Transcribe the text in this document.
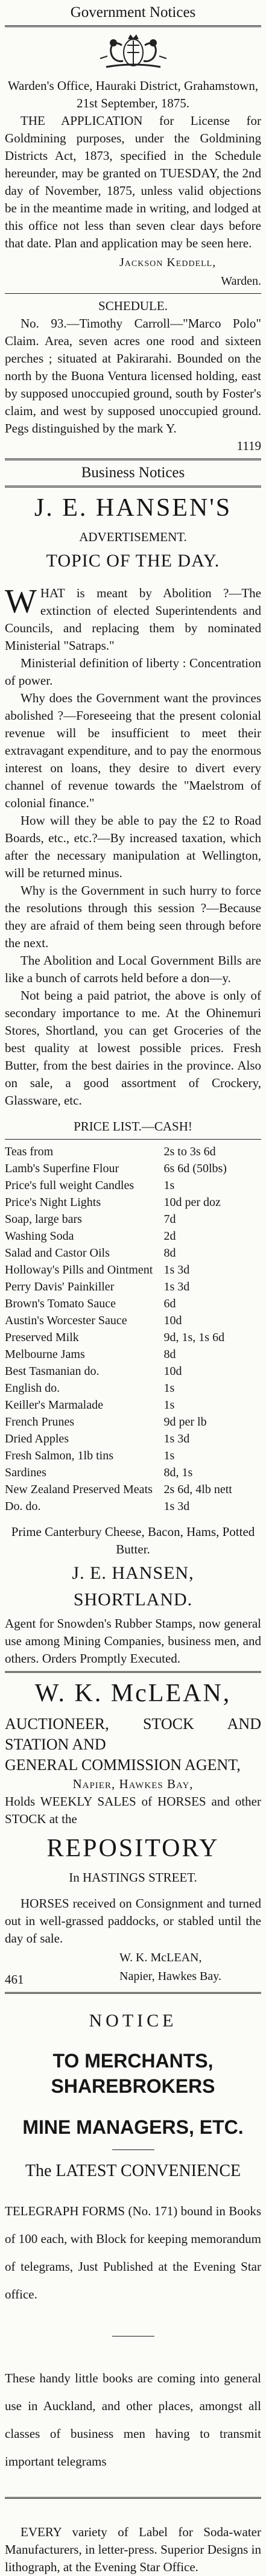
Government Notices

Warden's Office, Hauraki District, Grahamstown, 21st September, 1875.

THE APPLICATION for License for Goldmining purposes, under the Goldmining Districts Act, 1873, specified in the Schedule hereunder, may be granted on TUESDAY, the 2nd day of November, 1875, unless valid objections be in the meantime made in writing, and lodged at this office not less than seven clear days before that date. Plan and application may be seen here.

Jackson Keddell,

Warden.

SCHEDULE.

No. 93.—Timothy Carroll—"Marco Polo" Claim. Area, seven acres one rood and sixteen perches ; situated at Pakirarahi. Bounded on the north by the Buona Ventura licensed holding, east by supposed unoccupied ground, south by Foster's claim, and west by supposed unoccupied ground. Pegs distinguished by the mark Y.

1119

Business Notices

J. E. HANSEN'S

ADVERTISEMENT.

TOPIC OF THE DAY.

WHAT is meant by Abolition ?—The extinction of elected Superintendents and Councils, and replacing them by nominated Ministerial "Satraps."

Ministerial definition of liberty : Concentration of power.

Why does the Government want the provinces abolished ?—Foreseeing that the present colonial revenue will be insufficient to meet their extravagant expenditure, and to pay the enormous interest on loans, they desire to divert every channel of revenue towards the "Maelstrom of colonial finance."

How will they be able to pay the £2 to Road Boards, etc., etc.?—By increased taxation, which after the necessary manipulation at Wellington, will be returned minus.

Why is the Government in such hurry to force the resolutions through this session ?—Because they are afraid of them being seen through before the next.

The Abolition and Local Government Bills are like a bunch of carrots held before a don—y.

Not being a paid patriot, the above is only of secondary importance to me. At the Ohinemuri Stores, Shortland, you can get Groceries of the best quality at lowest possible prices. Fresh Butter, from the best dairies in the province. Also on sale, a good assortment of Crockery, Glassware, etc.

PRICE LIST.—CASH!

Teas from	2s to 3s 6d
Lamb's Superfine Flour	6s 6d (50lbs)
Price's full weight Candles	1s
Price's Night Lights	10d per doz
Soap, large bars	7d
Washing Soda	2d
Salad and Castor Oils	8d
Holloway's Pills and Ointment	1s 3d
Perry Davis' Painkiller	1s 3d
Brown's Tomato Sauce	6d
Austin's Worcester Sauce	10d
Preserved Milk	9d, 1s, 1s 6d
Melbourne Jams	8d
Best Tasmanian do.	10d
English do.	1s
Keiller's Marmalade	1s
French Prunes	9d per lb
Dried Apples	1s 3d
Fresh Salmon, 1lb tins	1s
Sardines	8d, 1s
New Zealand Preserved Meats	2s 6d, 4lb nett
Do. do.	1s 3d

Prime Canterbury Cheese, Bacon, Hams, Potted Butter.

J. E. HANSEN,

SHORTLAND.

Agent for Snowden's Rubber Stamps, now general use among Mining Companies, business men, and others. Orders Promptly Executed.

W. K. McLEAN,

AUCTIONEER, STOCK AND STATION AND

GENERAL COMMISSION AGENT,

Napier, Hawkes Bay,

Holds WEEKLY SALES of HORSES and other STOCK at the

REPOSITORY

In HASTINGS STREET.

HORSES received on Consignment and turned out in well-grassed paddocks, or stabled until the day of sale.

W. K. McLEAN,

Napier, Hawkes Bay.

461

NOTICE

TO MERCHANTS, SHAREBROKERS

MINE MANAGERS, ETC.

The LATEST CONVENIENCE

TELEGRAPH FORMS (No. 171) bound in Books of 100 each, with Block for keeping memorandum of telegrams, Just Published at the Evening Star office.

These handy little books are coming into general use in Auckland, and other places, amongst all classes of business men having to transmit important telegrams

EVERY variety of Label for Soda-water Manufacturers, in letter-press. Superior Designs in lithograph, at the Evening Star Office.
